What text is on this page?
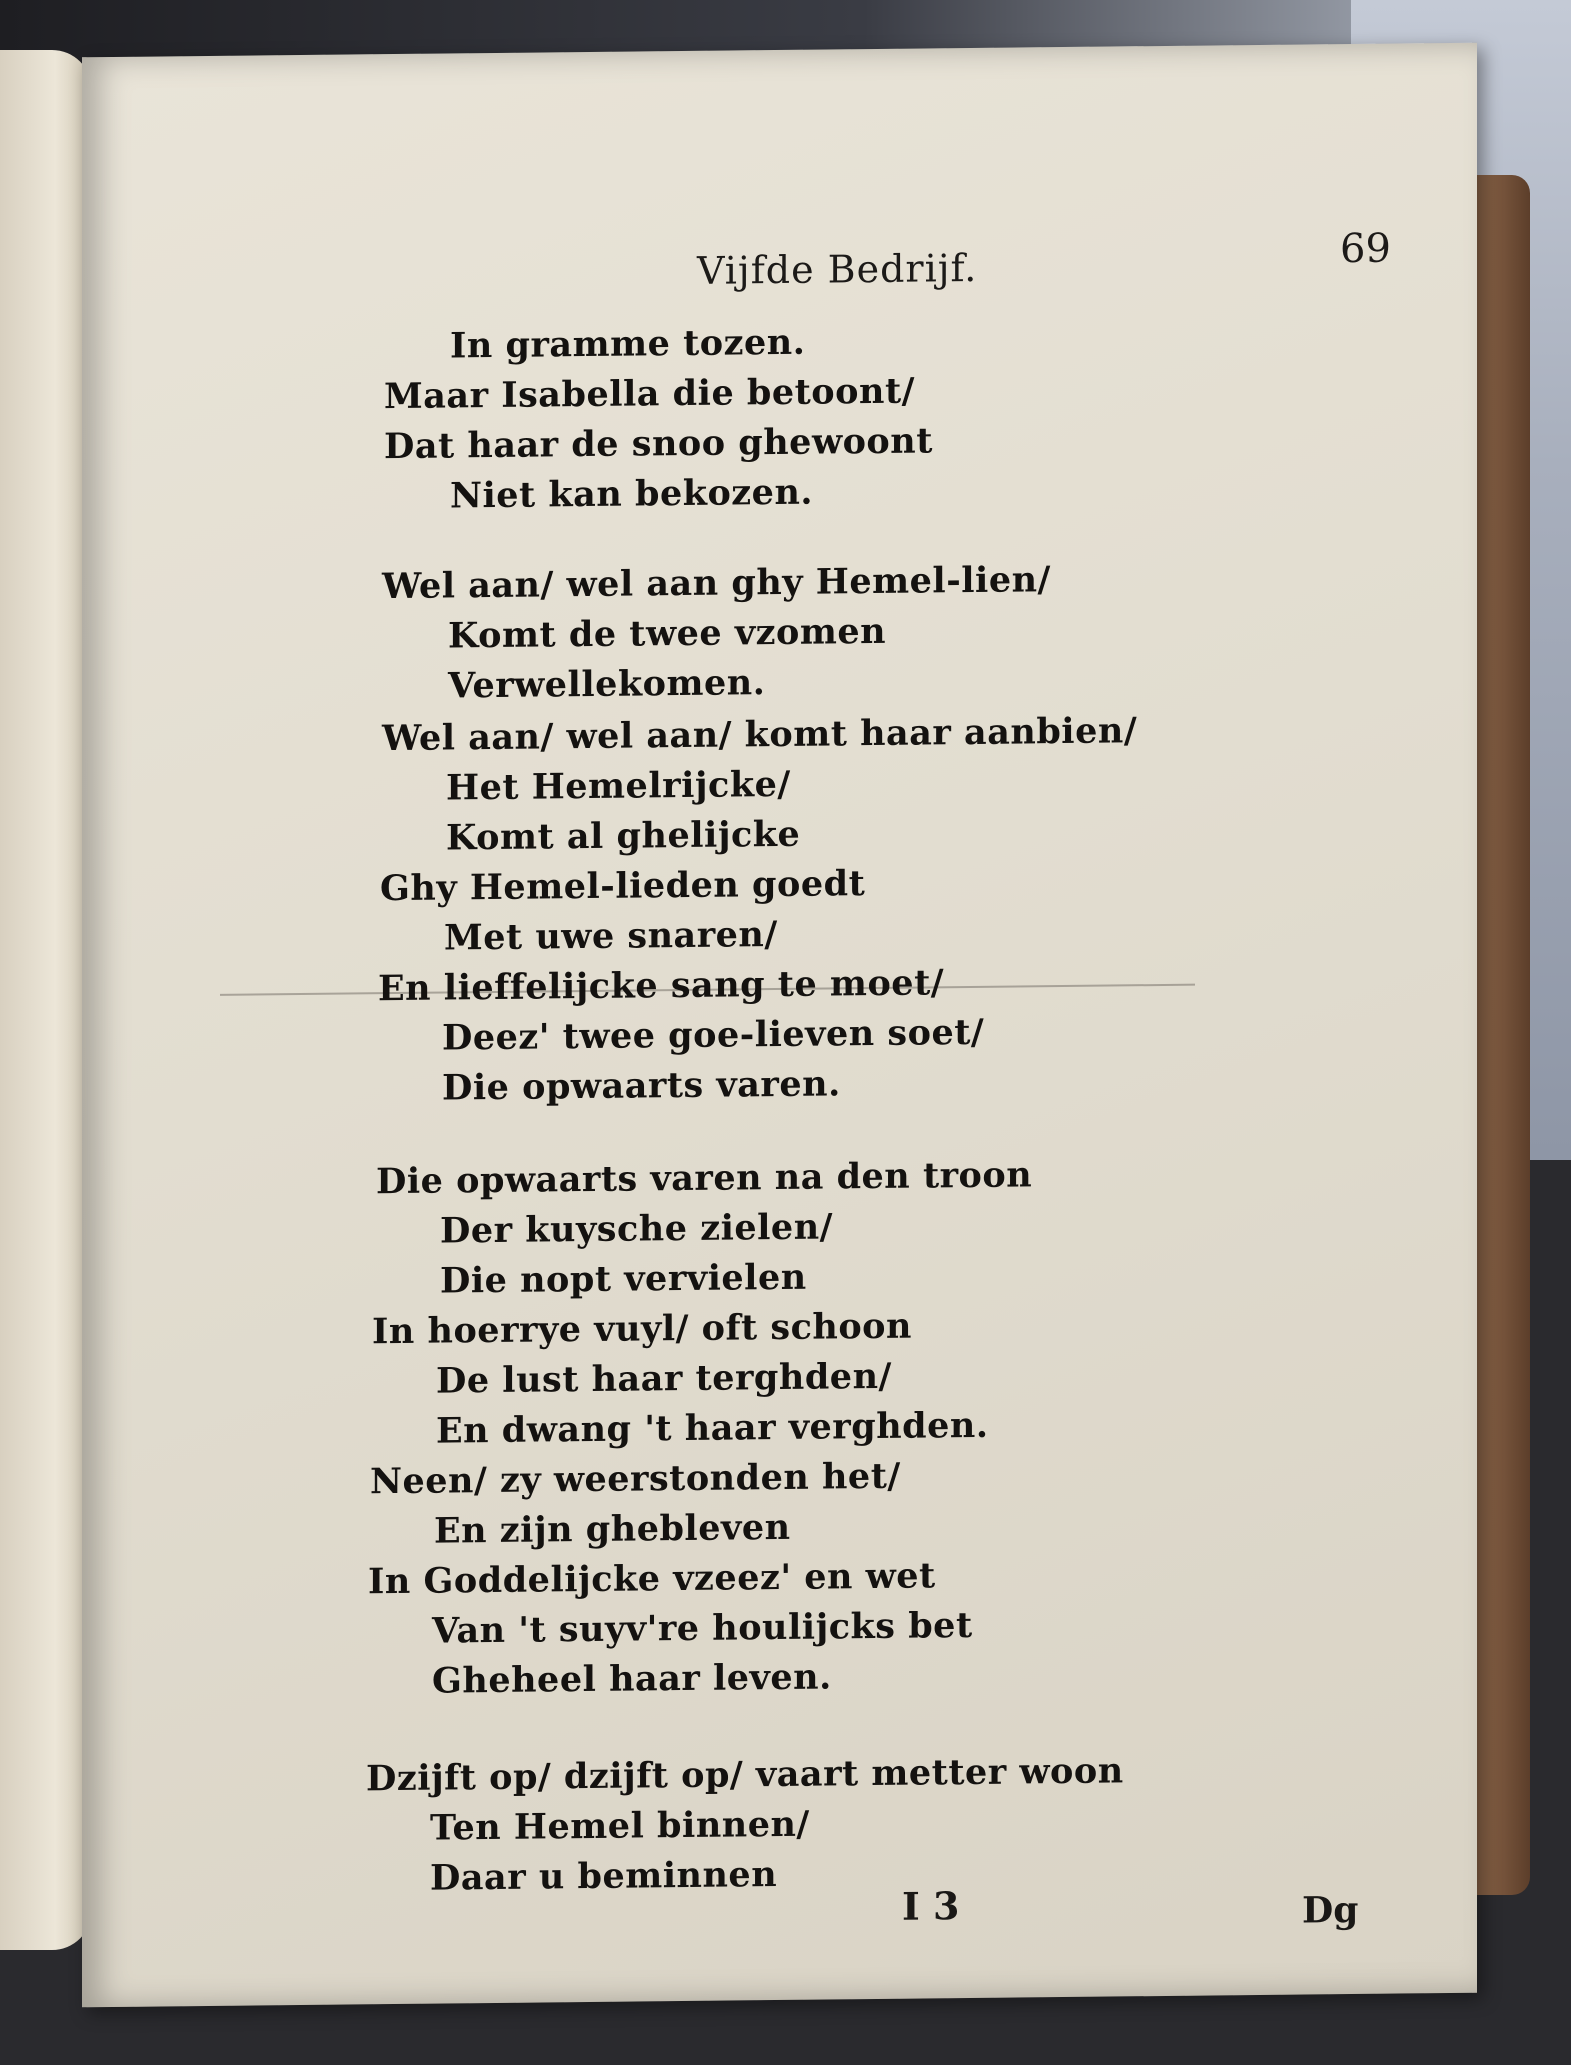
Vijfde Bedrijf.	69
In gramme tozen.
Maar Isabella die betoont/
Dat haar de snoo ghewoont
Niet kan bekozen.
Wel aan/ wel aan ghy Hemel-lien/
Komt de twee vzomen
Verwellekomen.
Wel aan/ wel aan/ komt haar aanbien/
Het Hemelrijcke/
Komt al ghelijcke
Ghy Hemel-lieden goedt
Met uwe snaren/
En lieffelijcke sang te moet/
Deez' twee goe-lieven soet/
Die opwaarts varen.
Die opwaarts varen na den troon
Der kuysche zielen/
Die nopt vervielen
In hoerrye vuyl/ oft schoon
De lust haar terghden/
En dwang 't haar verghden.
Neen/ zy weerstonden het/
En zijn ghebleven
In Goddelijcke vzeez' en wet
Van 't suyv're houlijcks bet
Gheheel haar leven.
Dzijft op/ dzijft op/ vaart metter woon
Ten Hemel binnen/
Daar u beminnen
I 3	Dg
